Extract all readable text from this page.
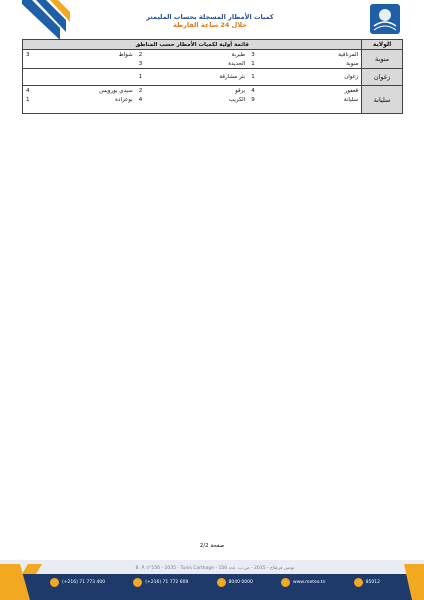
كميات الأمطار المسجلة بحساب المليمتر
خلال 24 ساعة الفارطة
الولاية	قائمة أولية لكميات الأمطار حسب المناطق					
منوبة	المرناقية	3	طبربة	2	شواط	3
	منوبة	1	الجديدة	3		
زغوان	زغوان	1	بئر مشارقة	1		
سليانة	قعفور	4	برقو	2	سيدي بورويس	4
	سليانة	9	الكريب	4	بوعرادة	1

صفحة 2/2
B. P. n°156 - 2035 - Tunis Carthage - تونس قرطاج - 2035 - ص.ب. عدد 156
(+216) 71 773 400	(+216) 71 772 609	8040 0000	www.meteo.tn	85012
